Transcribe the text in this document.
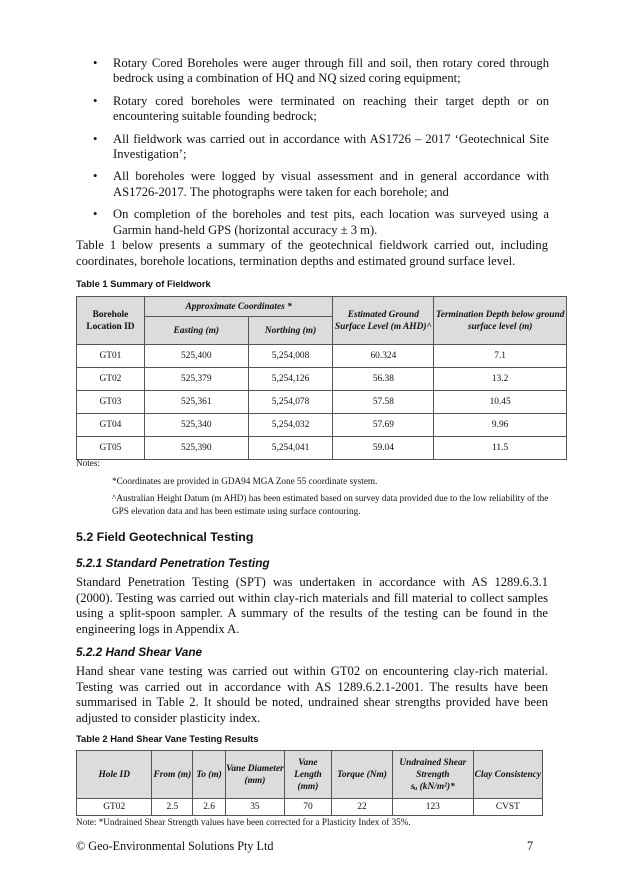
• Rotary Cored Boreholes were auger through fill and soil, then rotary cored through bedrock using a combination of HQ and NQ sized coring equipment;
• Rotary cored boreholes were terminated on reaching their target depth or on encountering suitable founding bedrock;
• All fieldwork was carried out in accordance with AS1726 – 2017 ‘Geotechnical Site Investigation’;
• All boreholes were logged by visual assessment and in general accordance with AS1726-2017. The photographs were taken for each borehole; and
• On completion of the boreholes and test pits, each location was surveyed using a Garmin hand-held GPS (horizontal accuracy ± 3 m).
Table 1 below presents a summary of the geotechnical fieldwork carried out, including coordinates, borehole locations, termination depths and estimated ground surface level.
Table 1 Summary of Fieldwork
Borehole Location ID	Approximate Coordinates *		Estimated Ground Surface Level (m AHD)^	Termination Depth below ground surface level (m)
	Easting (m)	Northing (m)		
GT01	525,400	5,254,008	60.324	7.1
GT02	525,379	5,254,126	56.38	13.2
GT03	525,361	5,254,078	57.58	10.45
GT04	525,340	5,254,032	57.69	9.96
GT05	525,390	5,254,041	59.04	11.5
Notes:
*Coordinates are provided in GDA94 MGA Zone 55 coordinate system.
^Australian Height Datum (m AHD) has been estimated based on survey data provided due to the low reliability of the GPS elevation data and has been estimate using surface contouring.
5.2 Field Geotechnical Testing
5.2.1 Standard Penetration Testing
Standard Penetration Testing (SPT) was undertaken in accordance with AS 1289.6.3.1 (2000). Testing was carried out within clay-rich materials and fill material to collect samples using a split-spoon sampler. A summary of the results of the testing can be found in the engineering logs in Appendix A.
5.2.2 Hand Shear Vane
Hand shear vane testing was carried out within GT02 on encountering clay-rich material. Testing was carried out in accordance with AS 1289.6.2.1-2001. The results have been summarised in Table 2. It should be noted, undrained shear strengths provided have been adjusted to consider plasticity index.
Table 2 Hand Shear Vane Testing Results
Hole ID	From (m)	To (m)	Vane Diameter (mm)	Vane Length (mm)	Torque (Nm)	Undrained Shear Strength
sᵤ (kN/m²)*	Clay Consistency
GT02	2.5	2.6	35	70	22	123	CVST
Note: *Undrained Shear Strength values have been corrected for a Plasticity Index of 35%.
© Geo-Environmental Solutions Pty Ltd	7
